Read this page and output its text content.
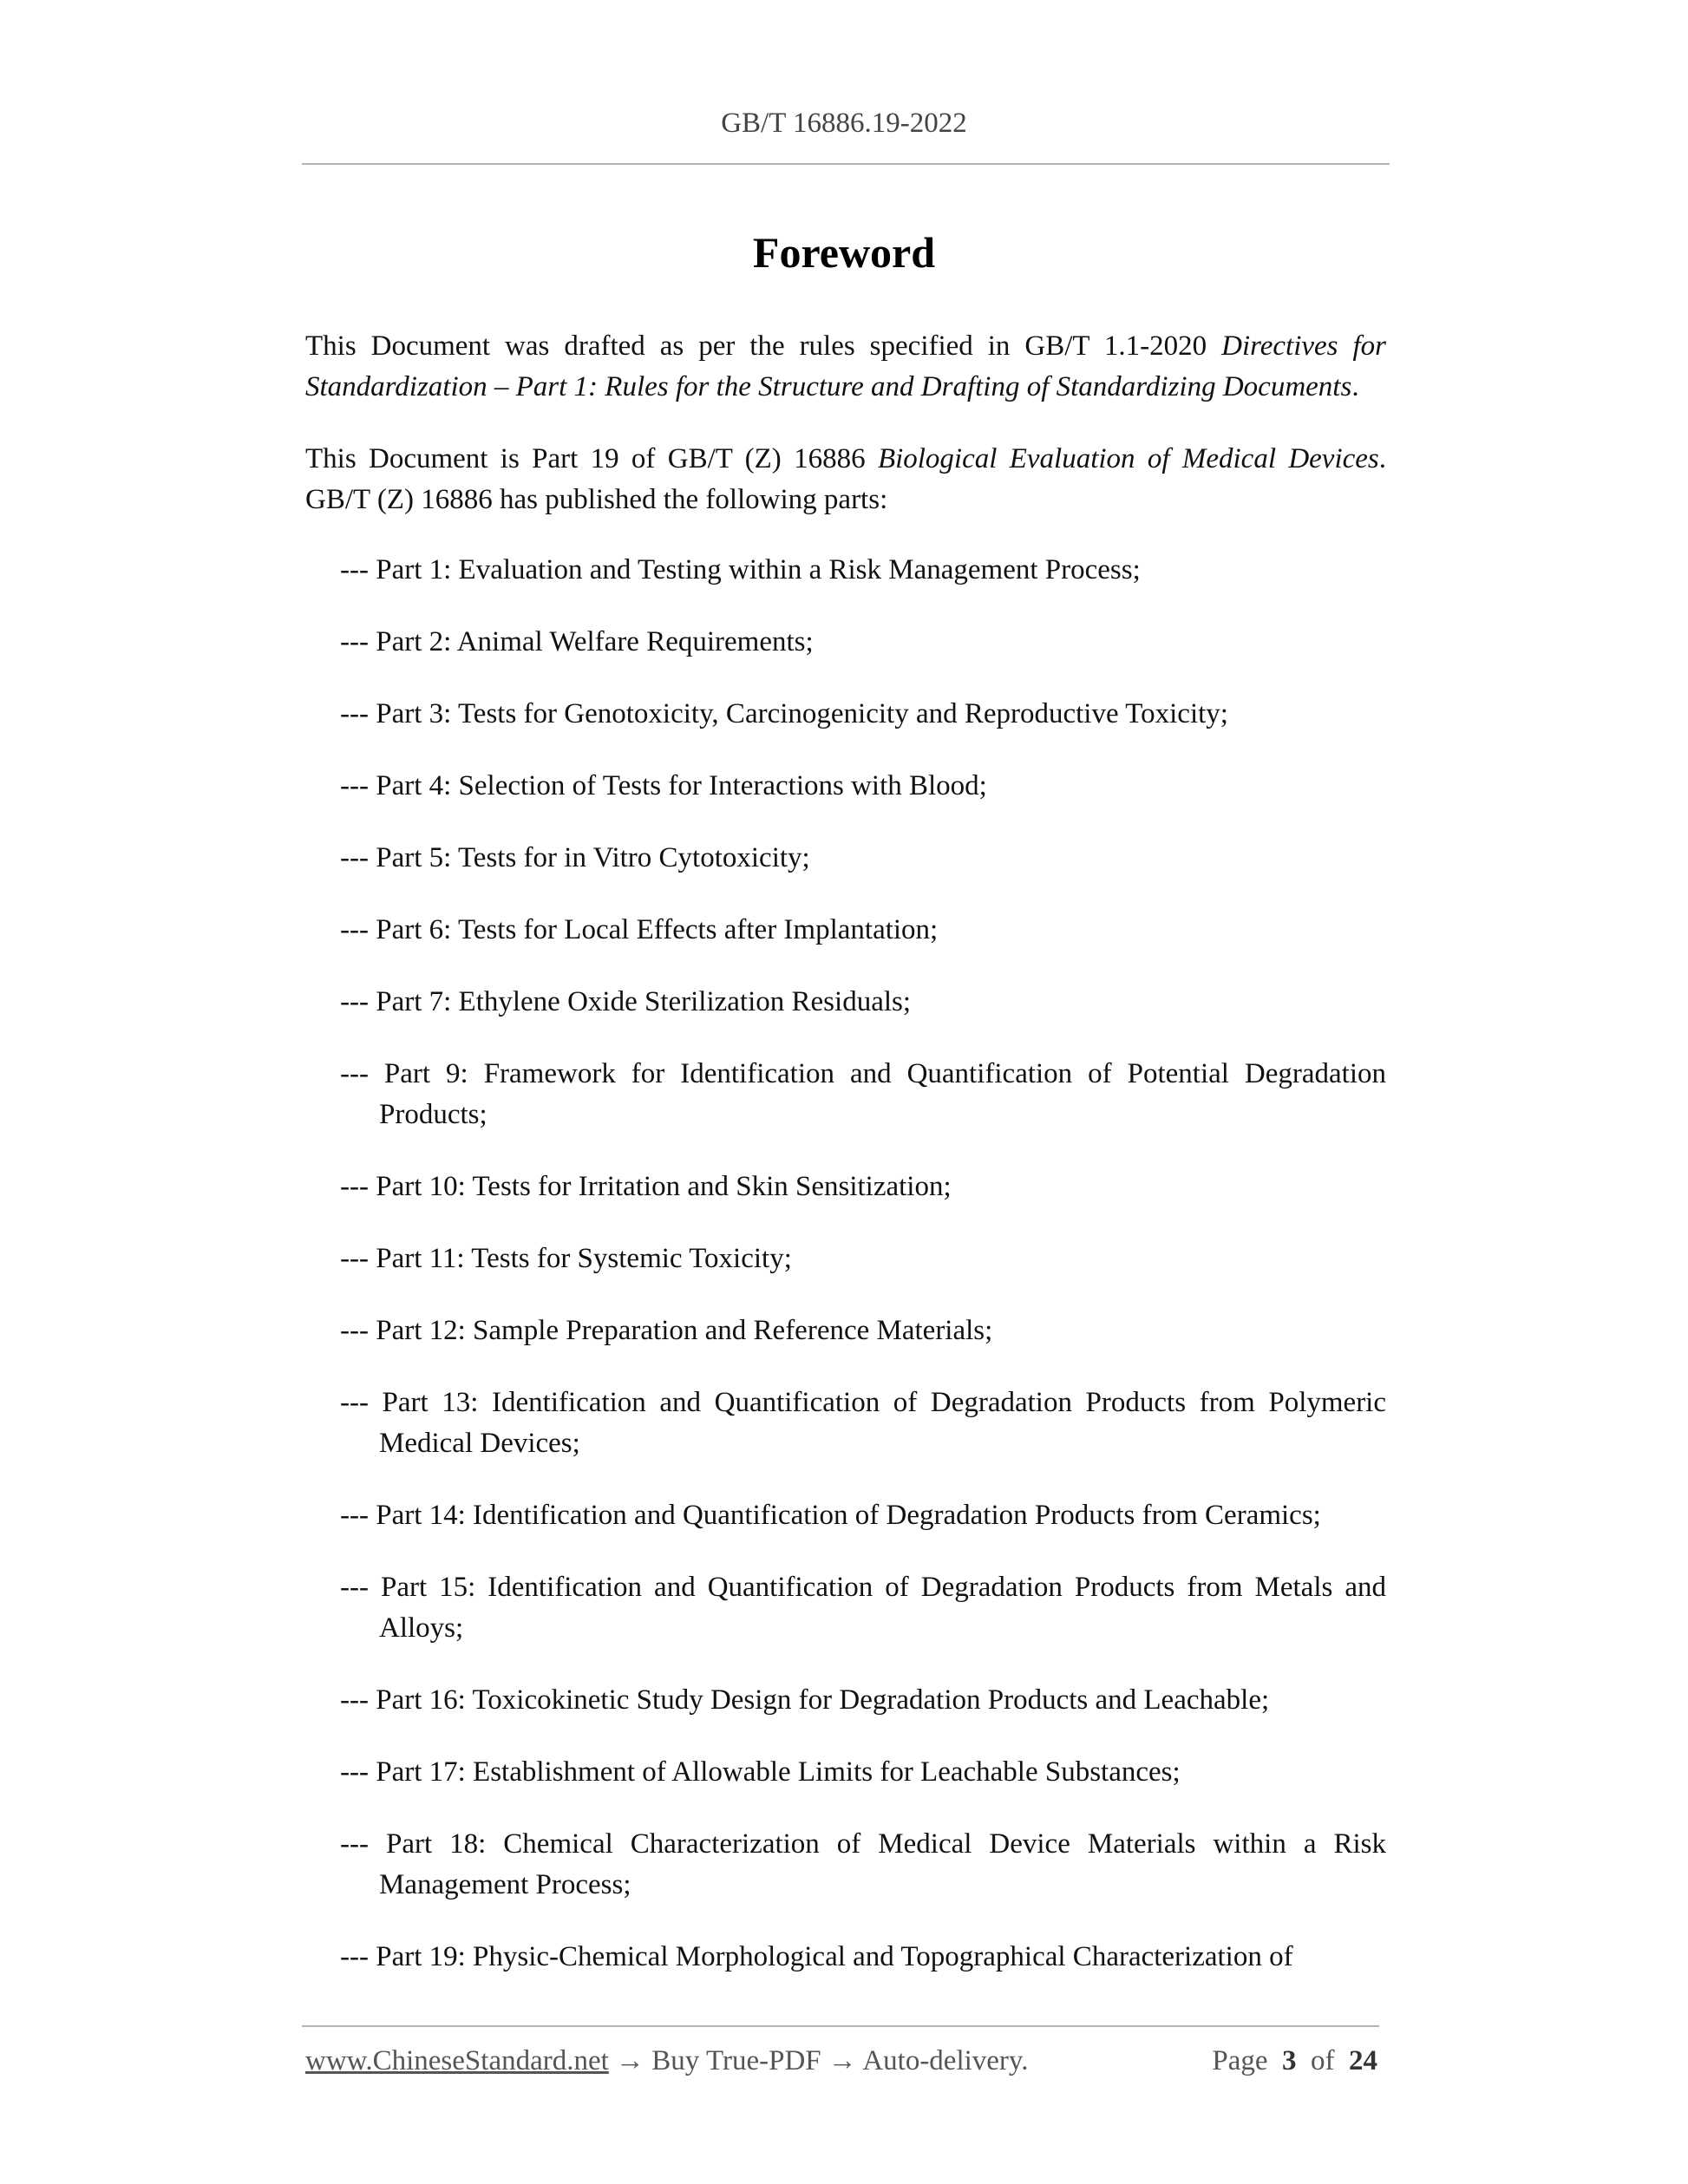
GB/T 16886.19-2022
Foreword
This Document was drafted as per the rules specified in GB/T 1.1-2020 Directives for Standardization – Part 1: Rules for the Structure and Drafting of Standardizing Documents.
This Document is Part 19 of GB/T (Z) 16886 Biological Evaluation of Medical Devices. GB/T (Z) 16886 has published the following parts:
--- Part 1: Evaluation and Testing within a Risk Management Process;
--- Part 2: Animal Welfare Requirements;
--- Part 3: Tests for Genotoxicity, Carcinogenicity and Reproductive Toxicity;
--- Part 4: Selection of Tests for Interactions with Blood;
--- Part 5: Tests for in Vitro Cytotoxicity;
--- Part 6: Tests for Local Effects after Implantation;
--- Part 7: Ethylene Oxide Sterilization Residuals;
--- Part 9: Framework for Identification and Quantification of Potential Degradation Products;
--- Part 10: Tests for Irritation and Skin Sensitization;
--- Part 11: Tests for Systemic Toxicity;
--- Part 12: Sample Preparation and Reference Materials;
--- Part 13: Identification and Quantification of Degradation Products from Polymeric Medical Devices;
--- Part 14: Identification and Quantification of Degradation Products from Ceramics;
--- Part 15: Identification and Quantification of Degradation Products from Metals and Alloys;
--- Part 16: Toxicokinetic Study Design for Degradation Products and Leachable;
--- Part 17: Establishment of Allowable Limits for Leachable Substances;
--- Part 18: Chemical Characterization of Medical Device Materials within a Risk Management Process;
--- Part 19: Physic-Chemical Morphological and Topographical Characterization of
www.ChineseStandard.net → Buy True-PDF → Auto-delivery.	Page 3 of 24
